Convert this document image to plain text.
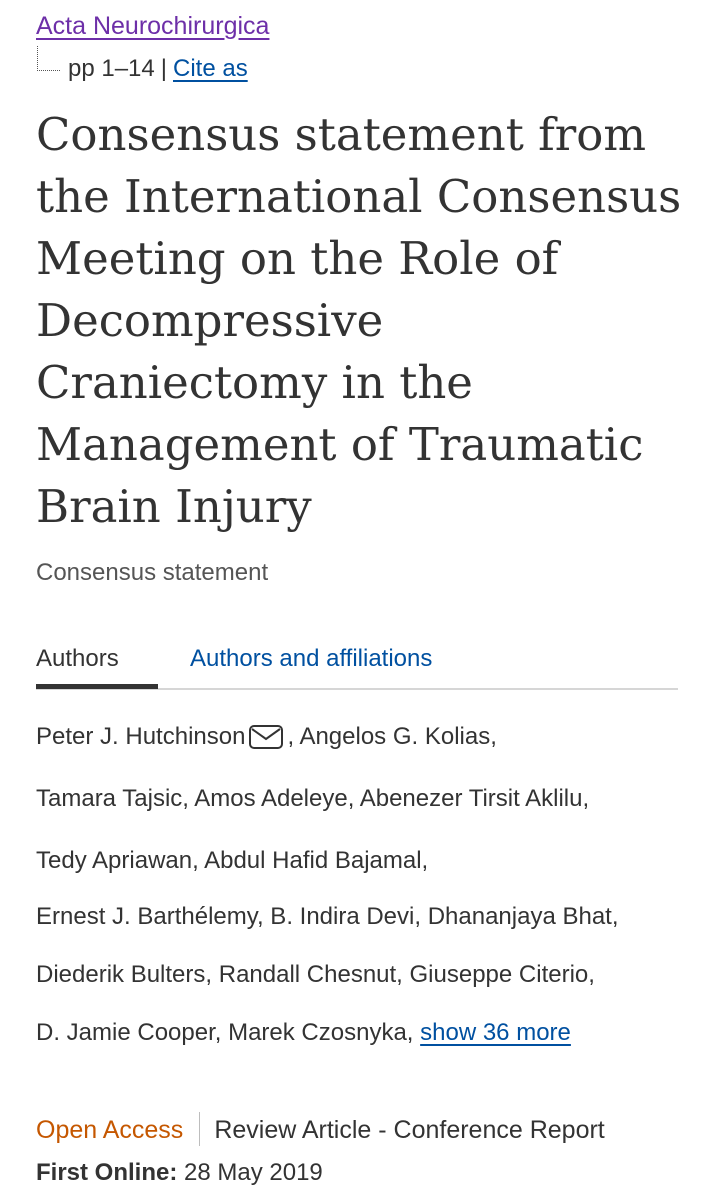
Acta Neurochirurgica
pp 1–14 | Cite as
Consensus statement from the International Consensus Meeting on the Role of Decompressive Craniectomy in the Management of Traumatic Brain Injury
Consensus statement
Authors	Authors and affiliations
Peter J. Hutchinson , Angelos G. Kolias,
Tamara Tajsic, Amos Adeleye, Abenezer Tirsit Aklilu,
Tedy Apriawan, Abdul Hafid Bajamal,
Ernest J. Barthélemy, B. Indira Devi, Dhananjaya Bhat,
Diederik Bulters, Randall Chesnut, Giuseppe Citerio,
D. Jamie Cooper, Marek Czosnyka, show 36 more
Open Access Review Article - Conference Report
First Online: 28 May 2019
